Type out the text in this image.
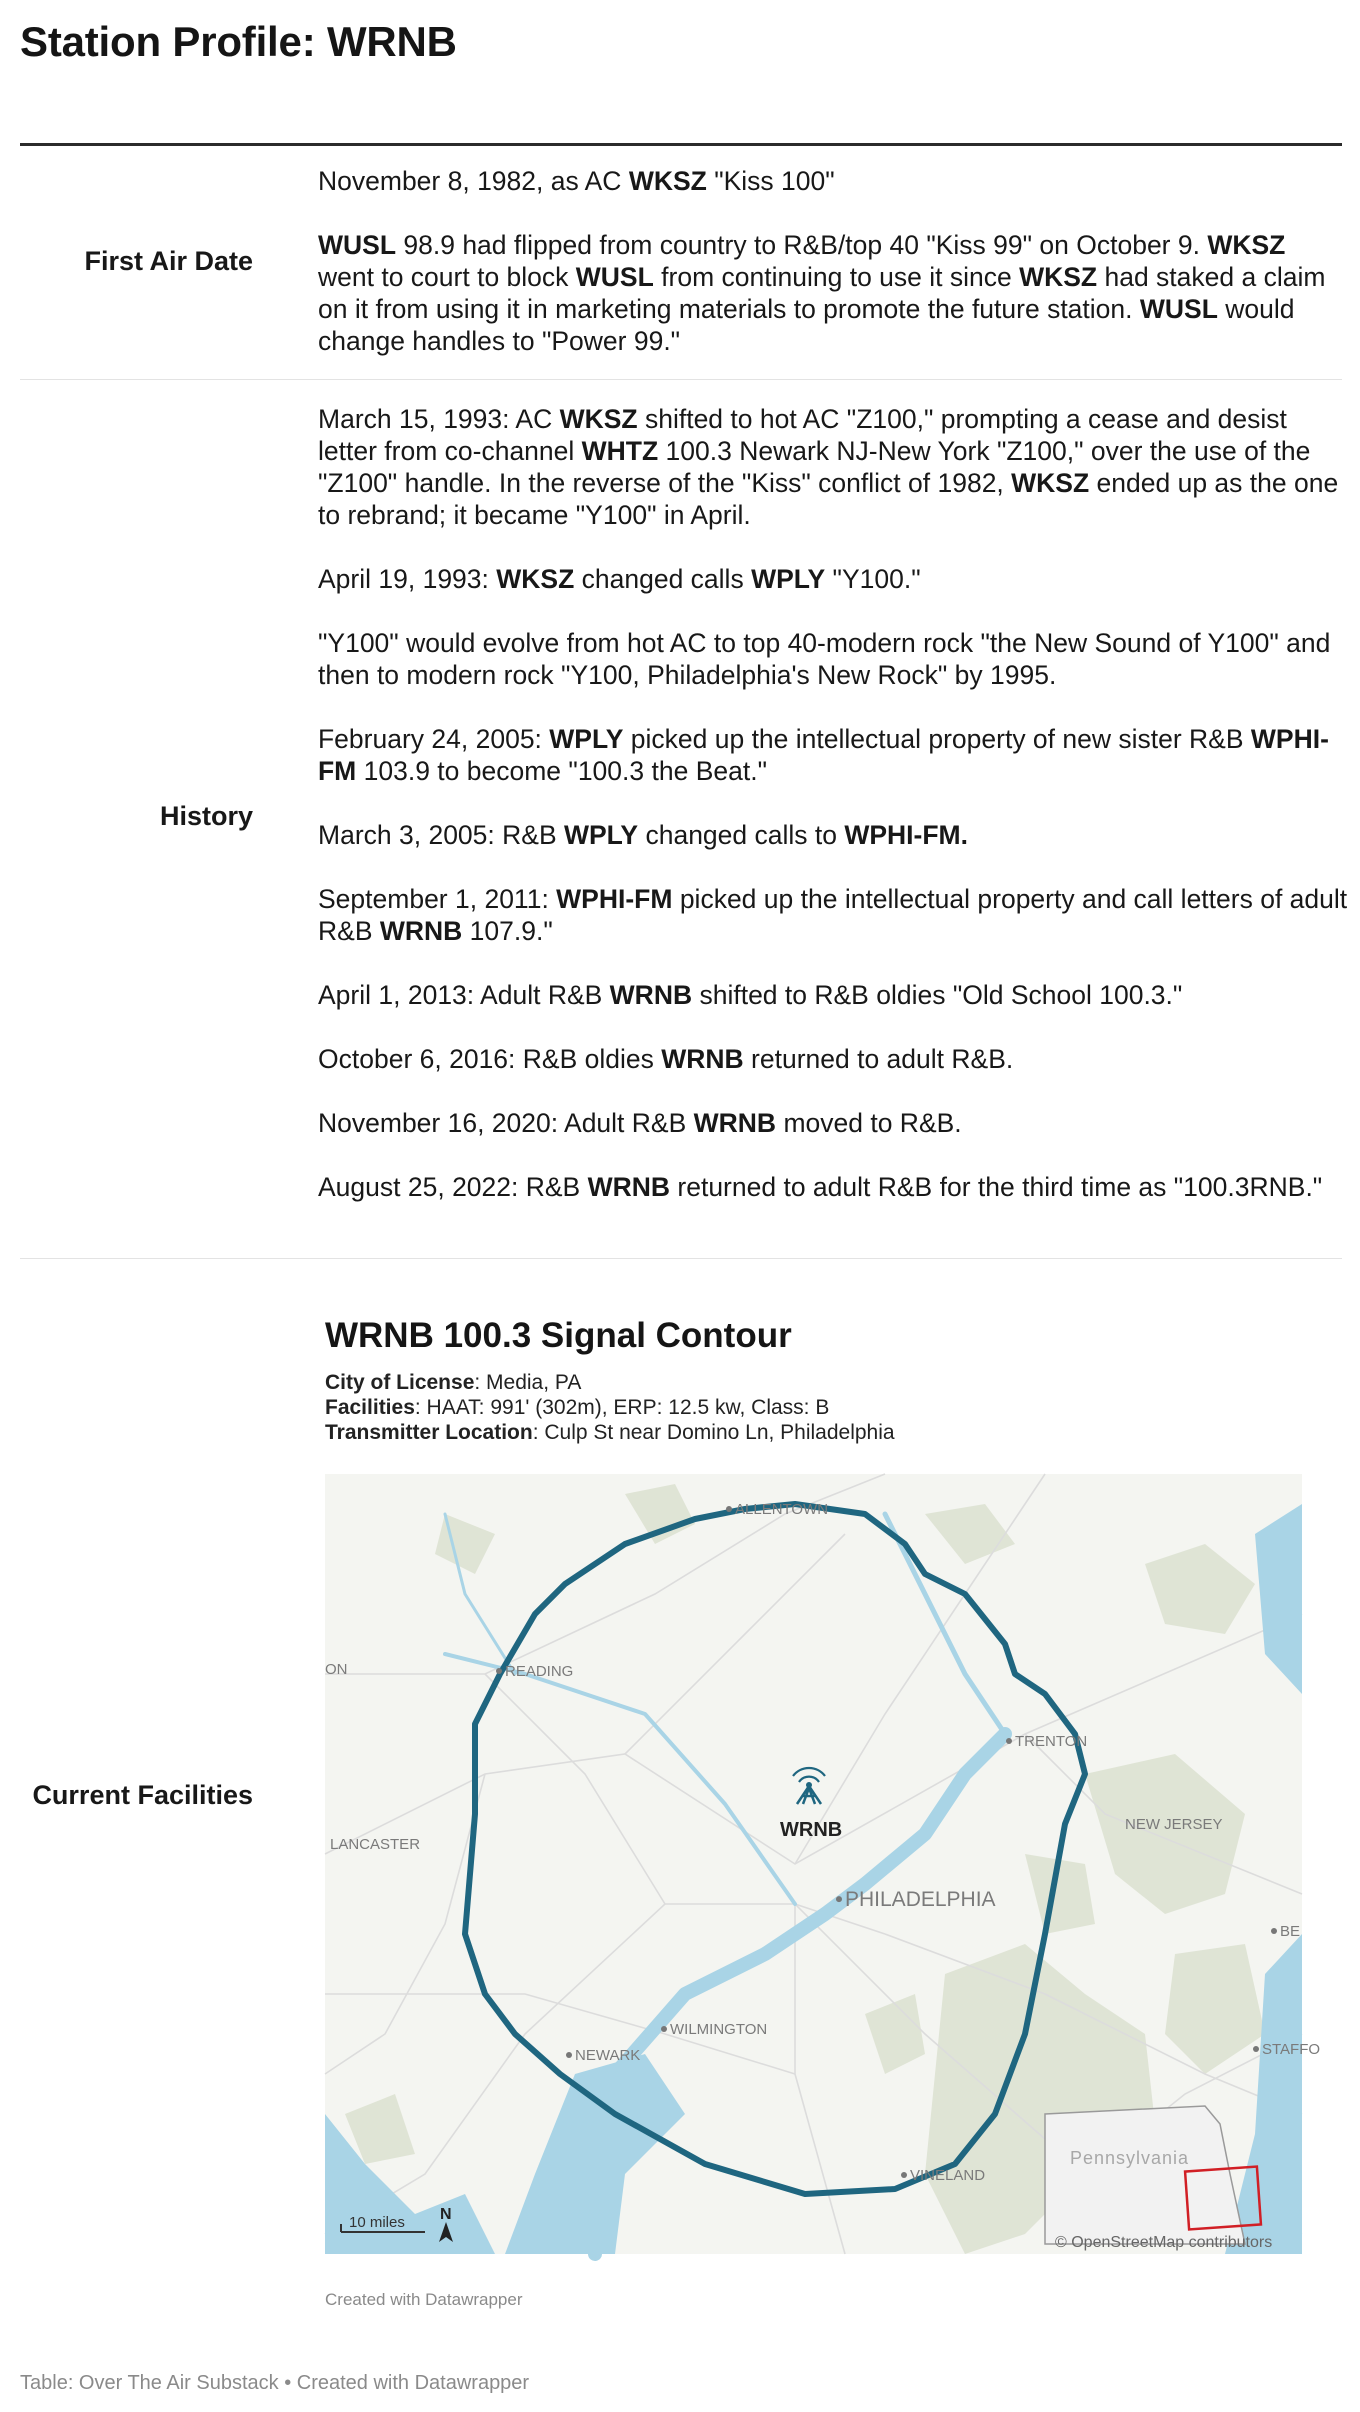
Station Profile: WRNB
First Air Date

November 8, 1982, as AC WKSZ "Kiss 100"

WUSL 98.9 had flipped from country to R&B/top 40 "Kiss 99" on October 9. WKSZ went to court to block WUSL from continuing to use it since WKSZ had staked a claim on it from using it in marketing materials to promote the future station. WUSL would change handles to "Power 99."

History

March 15, 1993: AC WKSZ shifted to hot AC "Z100," prompting a cease and desist letter from co-channel WHTZ 100.3 Newark NJ-New York "Z100," over the use of the "Z100" handle. In the reverse of the "Kiss" conflict of 1982, WKSZ ended up as the one to rebrand; it became "Y100" in April.

April 19, 1993: WKSZ changed calls WPLY "Y100."

"Y100" would evolve from hot AC to top 40-modern rock "the New Sound of Y100" and then to modern rock "Y100, Philadelphia's New Rock" by 1995.

February 24, 2005: WPLY picked up the intellectual property of new sister R&B WPHI-FM 103.9 to become "100.3 the Beat."

March 3, 2005: R&B WPLY changed calls to WPHI-FM.

September 1, 2011: WPHI-FM picked up the intellectual property and call letters of adult R&B WRNB 107.9."

April 1, 2013: Adult R&B WRNB shifted to R&B oldies "Old School 100.3."

October 6, 2016: R&B oldies WRNB returned to adult R&B.

November 16, 2020: Adult R&B WRNB moved to R&B.

August 25, 2022: R&B WRNB returned to adult R&B for the third time as "100.3RNB."

Current Facilities
WRNB 100.3 Signal Contour
City of License: Media, PA
Facilities: HAAT: 991' (302m), ERP: 12.5 kw, Class: B
Transmitter Location: Culp St near Domino Ln, Philadelphia
ALLENTOWN
READING
TRENTON
LANCASTER
NEW JERSEY
PHILADELPHIA
WILMINGTON
NEWARK
VINELAND
STAFFO
BE
ON
WRNB
Pennsylvania
10 miles N
© OpenStreetMap contributors
Created with Datawrapper
Table: Over The Air Substack • Created with Datawrapper
